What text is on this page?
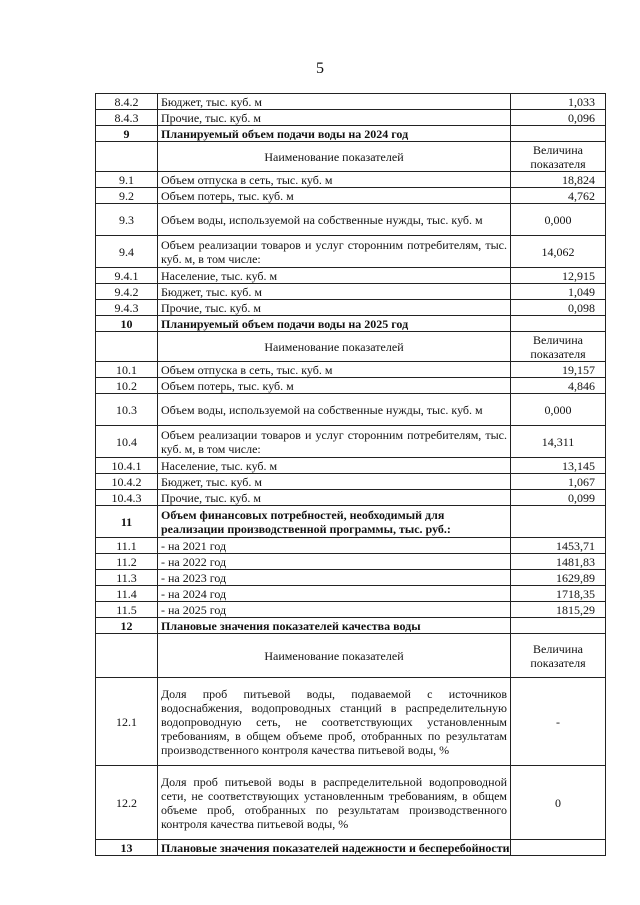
5
8.4.2	Бюджет, тыс. куб. м	1,033
8.4.3	Прочие, тыс. куб. м	0,096
9	Планируемый объем подачи воды на 2024 год	
	Наименование показателей	Величина показателя
9.1	Объем отпуска в сеть, тыс. куб. м	18,824
9.2	Объем потерь, тыс. куб. м	4,762
9.3	Объем воды, используемой на собственные нужды, тыс. куб. м	0,000
9.4	Объем реализации товаров и услуг сторонним потребителям, тыс. куб. м, в том числе:	14,062
9.4.1	Население, тыс. куб. м	12,915
9.4.2	Бюджет, тыс. куб. м	1,049
9.4.3	Прочие, тыс. куб. м	0,098
10	Планируемый объем подачи воды на 2025 год	
	Наименование показателей	Величина показателя
10.1	Объем отпуска в сеть, тыс. куб. м	19,157
10.2	Объем потерь, тыс. куб. м	4,846
10.3	Объем воды, используемой на собственные нужды, тыс. куб. м	0,000
10.4	Объем реализации товаров и услуг сторонним потребителям, тыс. куб. м, в том числе:	14,311
10.4.1	Население, тыс. куб. м	13,145
10.4.2	Бюджет, тыс. куб. м	1,067
10.4.3	Прочие, тыс. куб. м	0,099
11	Объем финансовых потребностей, необходимый для реализации производственной программы, тыс. руб.:	
11.1	- на 2021 год	1453,71
11.2	- на 2022 год	1481,83
11.3	- на 2023 год	1629,89
11.4	- на 2024 год	1718,35
11.5	- на 2025 год	1815,29
12	Плановые значения показателей качества воды	
	Наименование показателей	Величина показателя
12.1	Доля проб питьевой воды, подаваемой с источников водоснабжения, водопроводных станций в распределительную водопроводную сеть, не соответствующих установленным требованиям, в общем объеме проб, отобранных по результатам производственного контроля качества питьевой воды, %	-
12.2	Доля проб питьевой воды в распределительной водопроводной сети, не соответствующих установленным требованиям, в общем объеме проб, отобранных по результатам производственного контроля качества питьевой воды, %	0
13	Плановые значения показателей надежности и бесперебойности	
